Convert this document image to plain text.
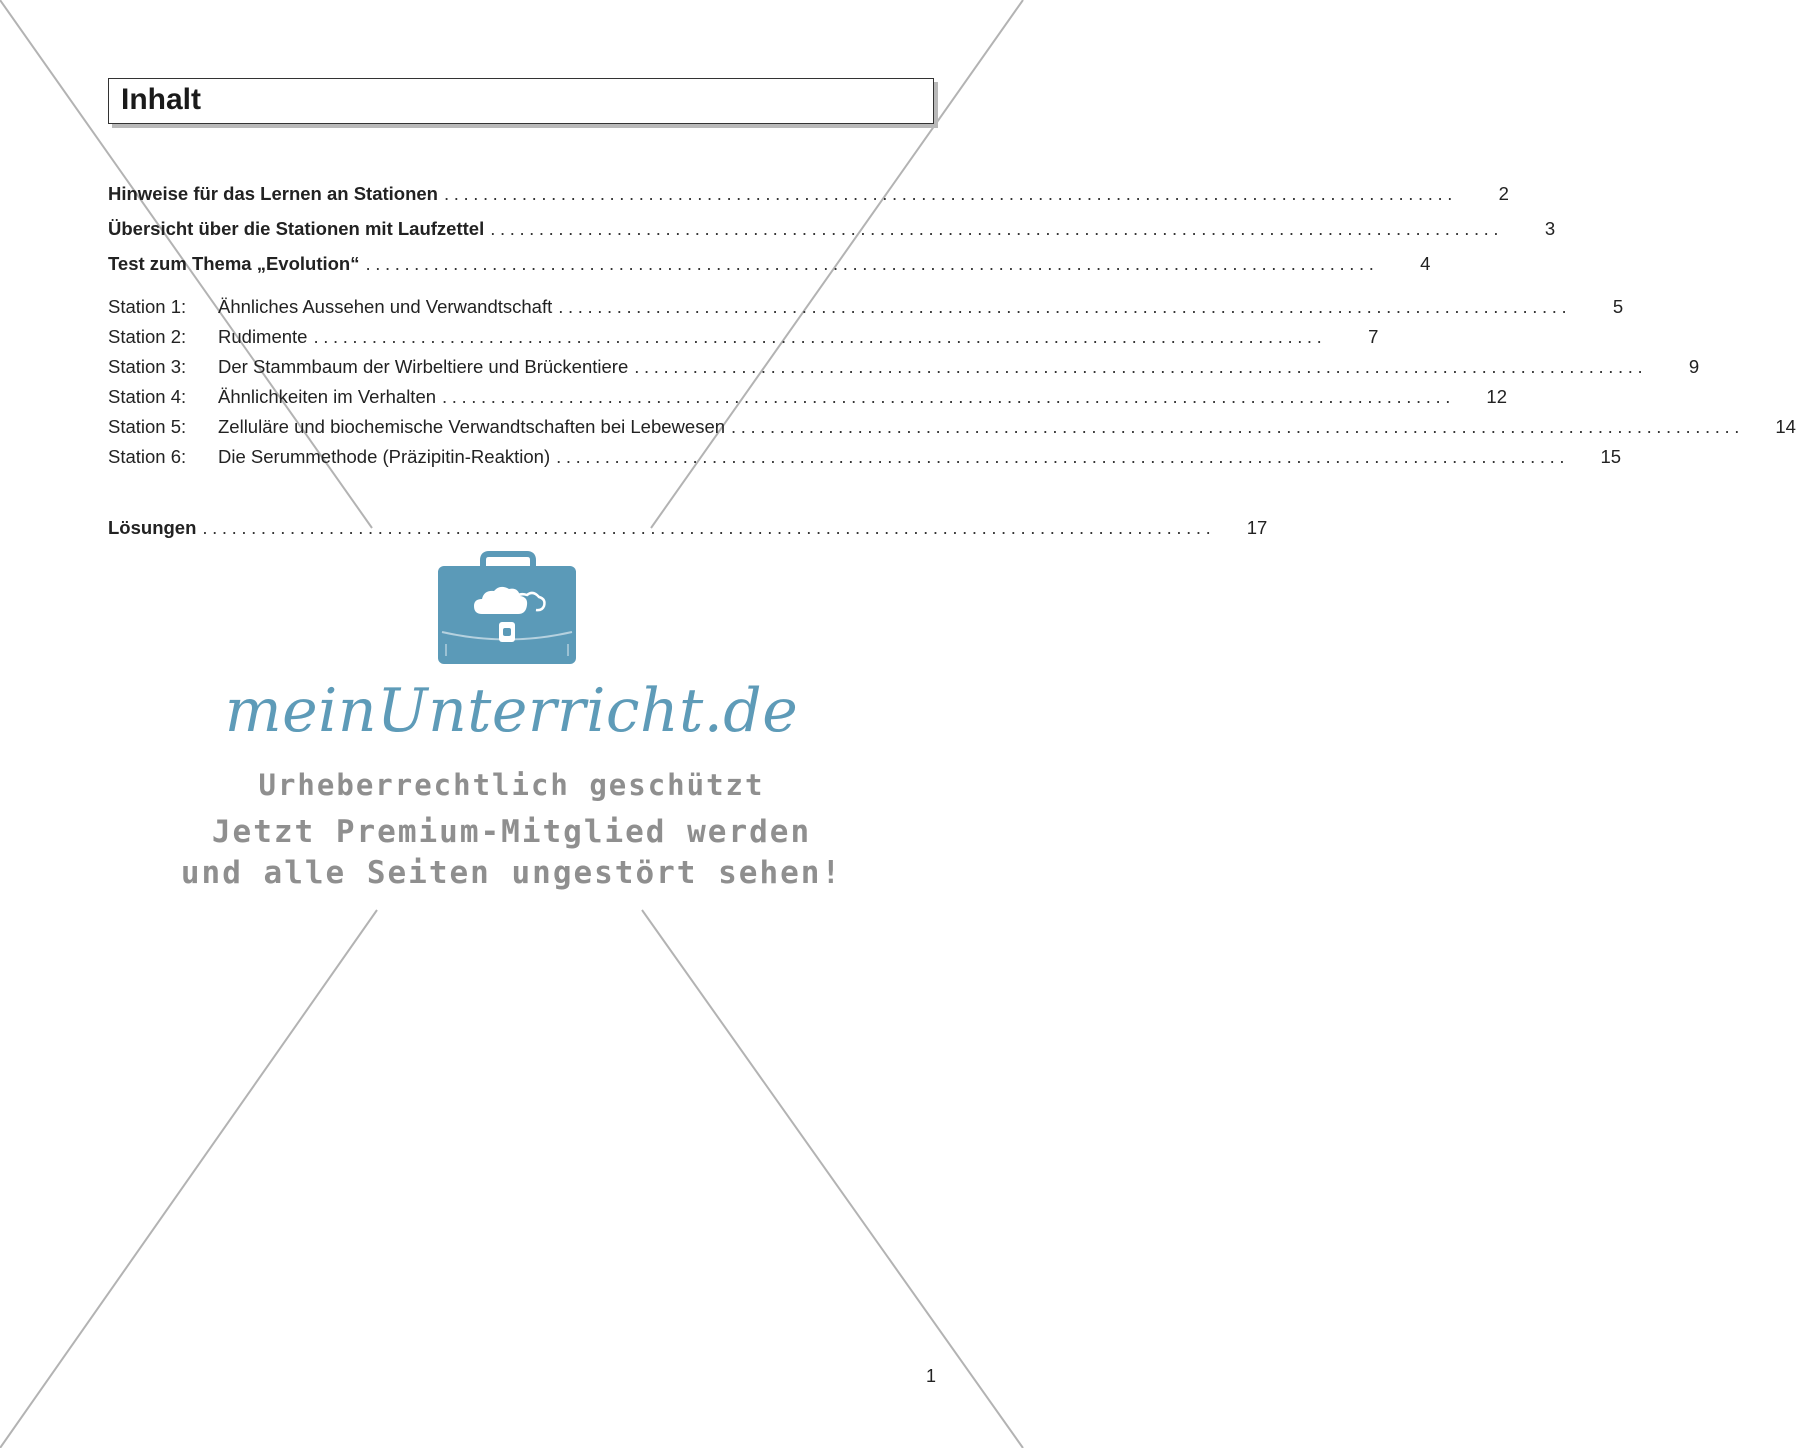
Inhalt
Hinweise für das Lernen an Stationen ........................................................................................................	2
Übersicht über die Stationen mit Laufzettel ........................................................................................................	3
Test zum Thema „Evolution“ ........................................................................................................	4
Station 1:	Ähnliches Aussehen und Verwandtschaft ........................................................................................................	5
Station 2:	Rudimente ........................................................................................................	7
Station 3:	Der Stammbaum der Wirbeltiere und Brückentiere ........................................................................................................	9
Station 4:	Ähnlichkeiten im Verhalten ........................................................................................................	12
Station 5:	Zelluläre und biochemische Verwandtschaften bei Lebewesen ........................................................................................................	14
Station 6:	Die Serummethode (Präzipitin-Reaktion) ........................................................................................................	15
Lösungen ........................................................................................................	17
meinUnterricht.de
Urheberrechtlich geschützt
Jetzt Premium-Mitglied werden
und alle Seiten ungestört sehen!
1
